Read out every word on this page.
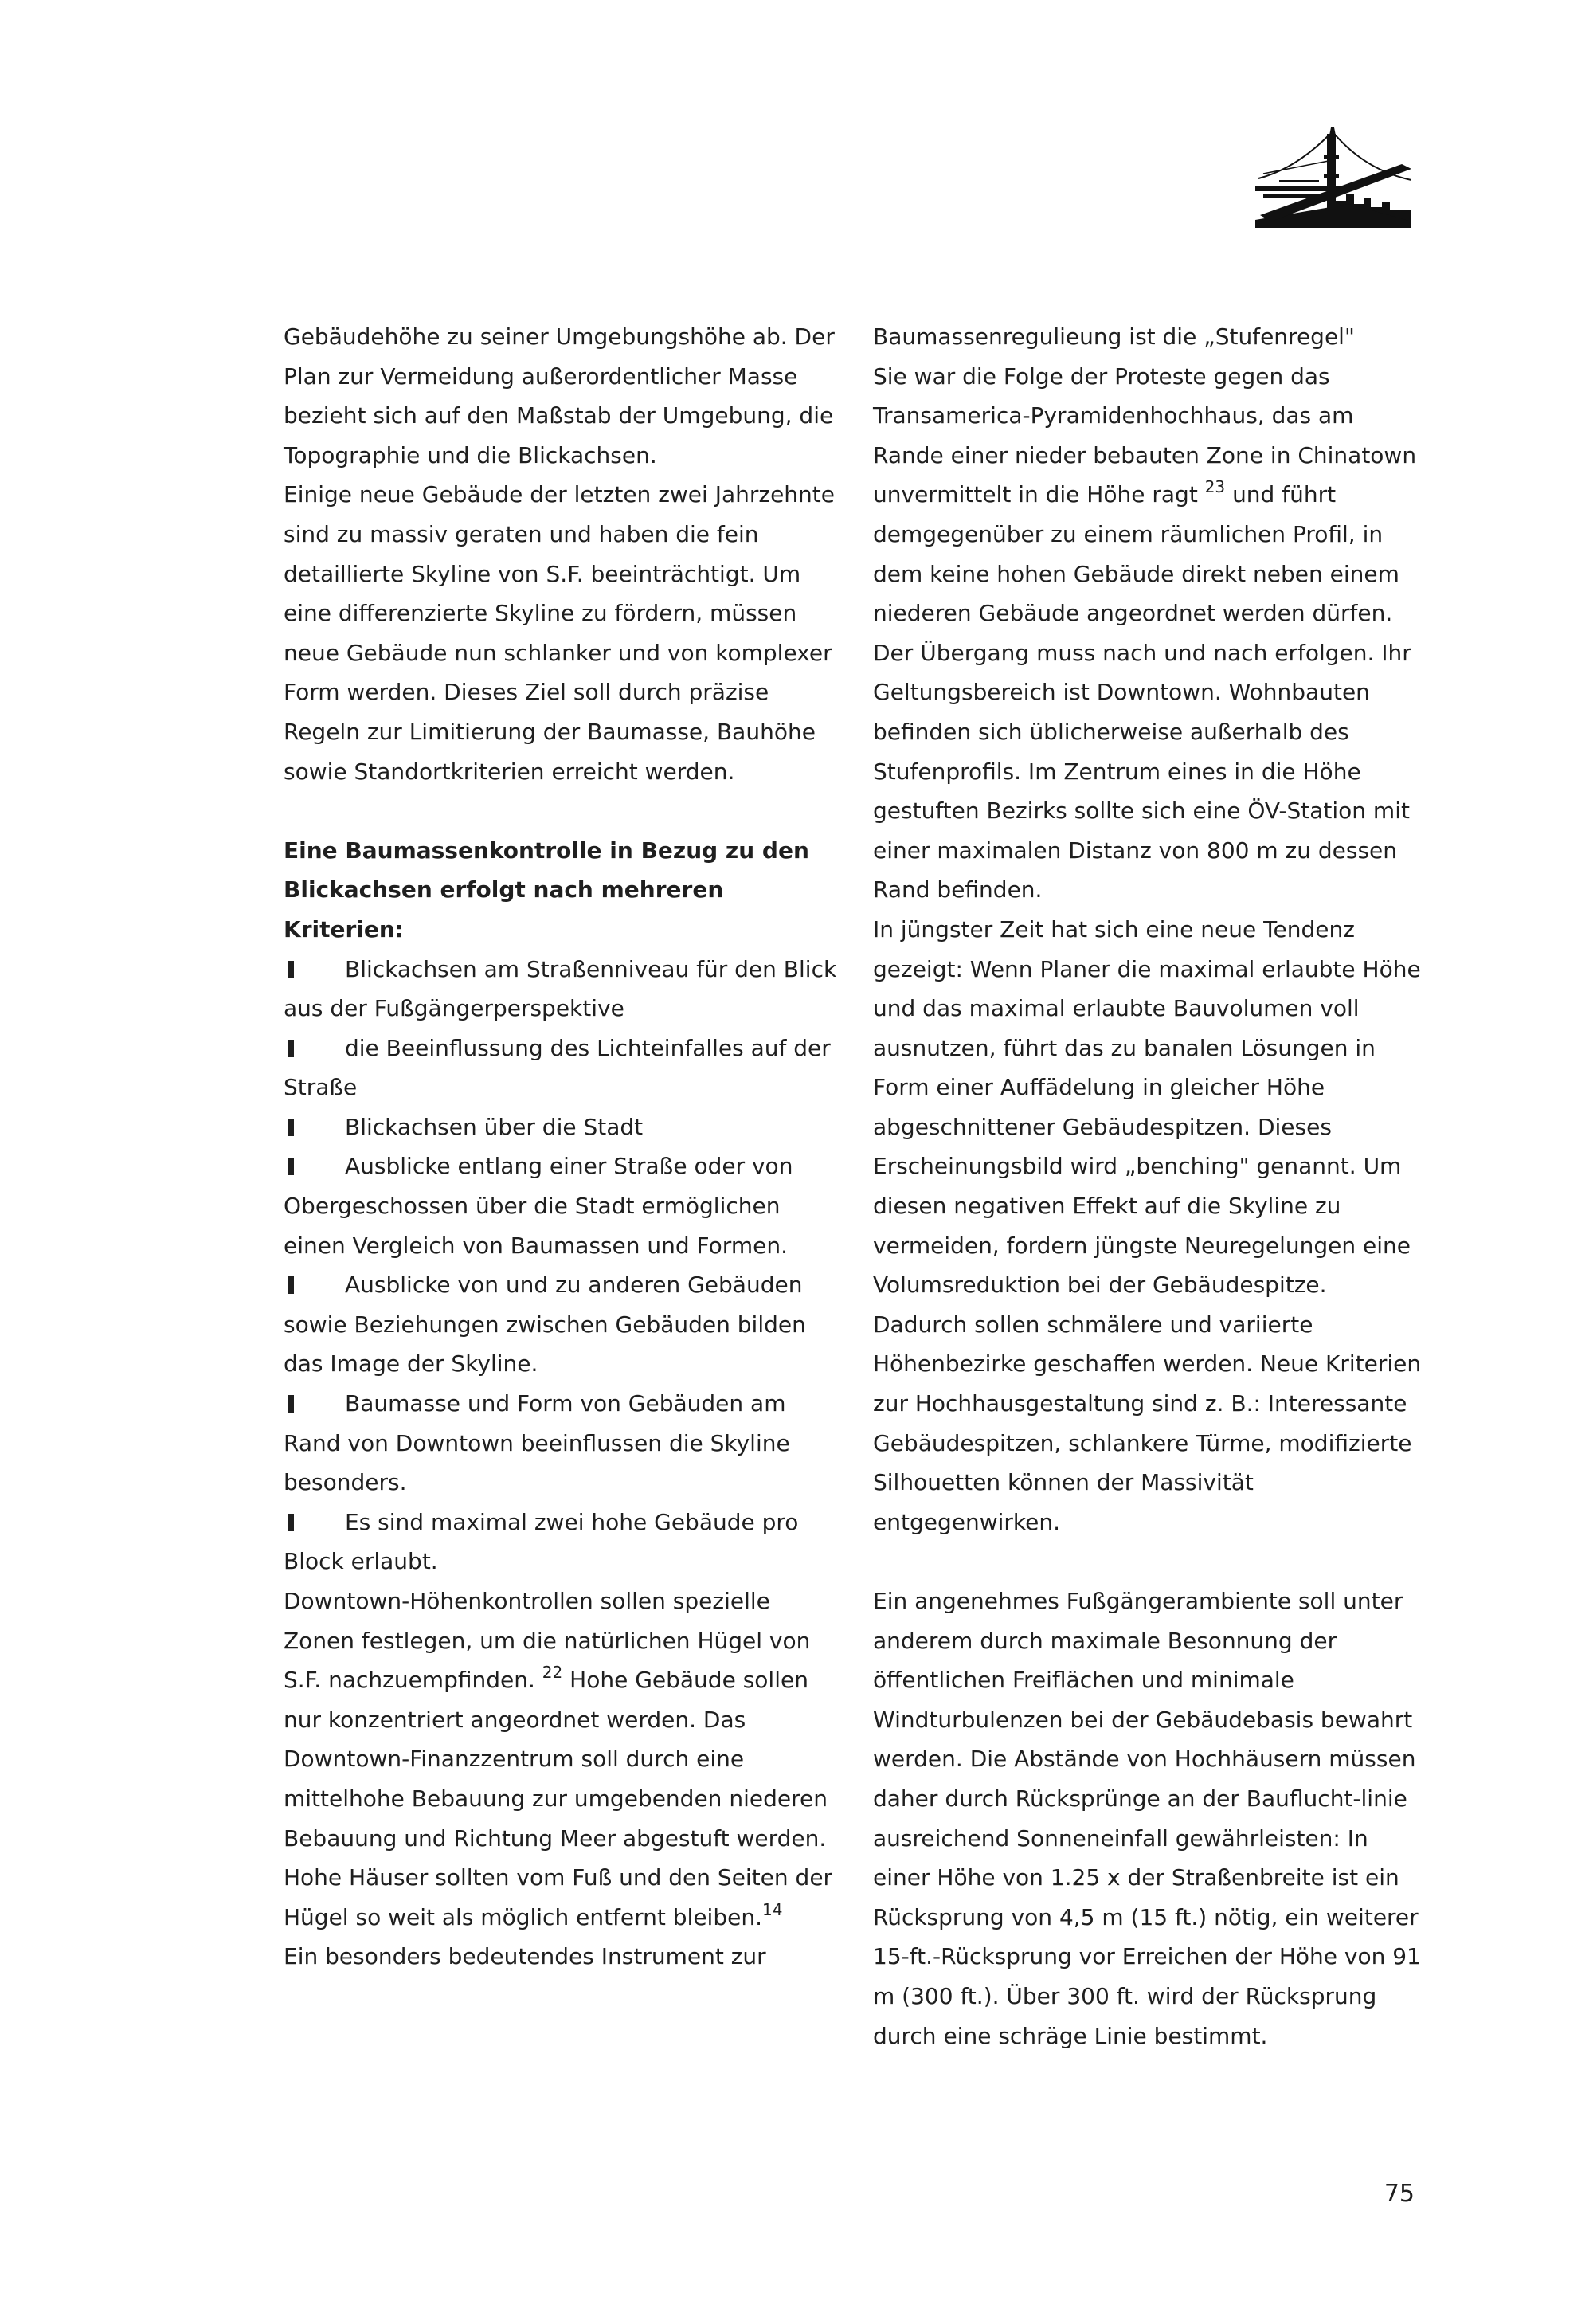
Gebäudehöhe zu seiner Umgebungshöhe ab. Der Plan zur Vermeidung außerordentlicher Masse bezieht sich auf den Maßstab der Umgebung, die Topographie und die Blickachsen.

Einige neue Gebäude der letzten zwei Jahrzehnte sind zu massiv geraten und haben die fein detaillierte Skyline von S.F. beeinträchtigt. Um eine differenzierte Skyline zu fördern, müssen neue Gebäude nun schlanker und von komplexer Form werden. Dieses Ziel soll durch präzise Regeln zur Limitierung der Baumasse, Bauhöhe sowie Standortkriterien erreicht werden.

Eine Baumassenkontrolle in Bezug zu den Blickachsen erfolgt nach mehreren Kriterien:

Blickachsen am Straßenniveau für den Blick aus der Fußgängerperspektive

die Beeinflussung des Lichteinfalles auf der Straße

Blickachsen über die Stadt

Ausblicke entlang einer Straße oder von Obergeschossen über die Stadt ermöglichen einen Vergleich von Baumassen und Formen.

Ausblicke von und zu anderen Gebäuden sowie Beziehungen zwischen Gebäuden bilden das Image der Skyline.

Baumasse und Form von Gebäuden am Rand von Downtown beeinflussen die Skyline besonders.

Es sind maximal zwei hohe Gebäude pro Block erlaubt.

Downtown-Höhenkontrollen sollen spezielle Zonen festlegen, um die natürlichen Hügel von S.F. nachzuempfinden. $^{22}$ Hohe Gebäude sollen nur konzentriert angeordnet werden. Das Downtown-Finanzzentrum soll durch eine mittelhohe Bebauung zur umgebenden niederen Bebauung und Richtung Meer abgestuft werden. Hohe Häuser sollten vom Fuß und den Seiten der Hügel so weit als möglich entfernt bleiben.$^{14}$

Ein besonders bedeutendes Instrument zur

Baumassenregulieung ist die „Stufenregel"

Sie war die Folge der Proteste gegen das Transamerica-Pyramidenhochhaus, das am Rande einer nieder bebauten Zone in Chinatown unvermittelt in die Höhe ragt $^{23}$ und führt demgegenüber zu einem räumlichen Profil, in dem keine hohen Gebäude direkt neben einem niederen Gebäude angeordnet werden dürfen. Der Übergang muss nach und nach erfolgen. Ihr Geltungsbereich ist Downtown. Wohnbauten befinden sich üblicherweise außerhalb des Stufenprofils. Im Zentrum eines in die Höhe gestuften Bezirks sollte sich eine ÖV-Station mit einer maximalen Distanz von 800 m zu dessen Rand befinden.

In jüngster Zeit hat sich eine neue Tendenz gezeigt: Wenn Planer die maximal erlaubte Höhe und das maximal erlaubte Bauvolumen voll ausnutzen, führt das zu banalen Lösungen in Form einer Auffädelung in gleicher Höhe abgeschnittener Gebäudespitzen. Dieses Erscheinungsbild wird „benching" genannt. Um diesen negativen Effekt auf die Skyline zu vermeiden, fordern jüngste Neuregelungen eine Volumsreduktion bei der Gebäudespitze. Dadurch sollen schmälere und variierte Höhenbezirke geschaffen werden. Neue Kriterien zur Hochhausgestaltung sind z. B.: Interessante Gebäudespitzen, schlankere Türme, modifizierte Silhouetten können der Massivität entgegenwirken.

Ein angenehmes Fußgängerambiente soll unter anderem durch maximale Besonnung der öffentlichen Freiflächen und minimale Windturbulenzen bei der Gebäudebasis bewahrt werden. Die Abstände von Hochhäusern müssen daher durch Rücksprünge an der Bauflucht-linie ausreichend Sonneneinfall gewährleisten: In einer Höhe von 1.25 x der Straßenbreite ist ein Rücksprung von 4,5 m (15 ft.) nötig, ein weiterer 15-ft.-Rücksprung vor Erreichen der Höhe von 91 m (300 ft.). Über 300 ft. wird der Rücksprung durch eine schräge Linie bestimmt.

75
